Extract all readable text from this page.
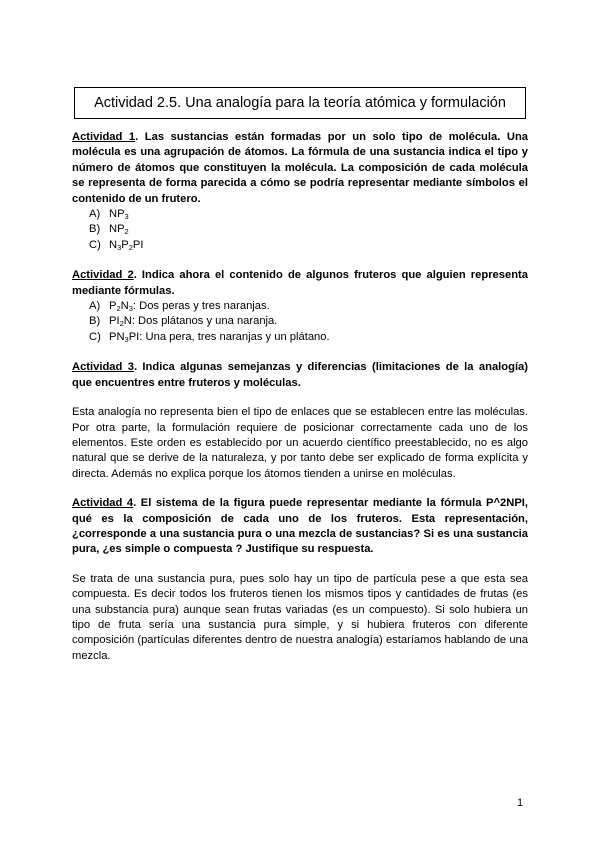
Actividad 2.5. Una analogía para la teoría atómica y formulación

Actividad 1. Las sustancias están formadas por un solo tipo de molécula. Una molécula es una agrupación de átomos. La fórmula de una sustancia indica el tipo y número de átomos que constituyen la molécula. La composición de cada molécula se representa de forma parecida a cómo se podría representar mediante símbolos el contenido de un frutero.

A) $NP_3$
B) $NP_2$
C) $N_3P_2PI$

Actividad 2. Indica ahora el contenido de algunos fruteros que alguien representa mediante fórmulas.

A) $P_2N_3$: Dos peras y tres naranjas.
B) $PI_2N$: Dos plátanos y una naranja.
C) $PN_3PI$: Una pera, tres naranjas y un plátano.

Actividad 3. Indica algunas semejanzas y diferencias (limitaciones de la analogía) que encuentres entre fruteros y moléculas.

Esta analogía no representa bien el tipo de enlaces que se establecen entre las moléculas. Por otra parte, la formulación requiere de posicionar correctamente cada uno de los elementos. Este orden es establecido por un acuerdo científico preestablecido, no es algo natural que se derive de la naturaleza, y por tanto debe ser explicado de forma explícita y directa. Además no explica porque los átomos tienden a unirse en moléculas.

Actividad 4. El sistema de la figura puede representar mediante la fórmula P^2NPI, qué es la composición de cada uno de los fruteros. Esta representación, ¿corresponde a una sustancia pura o una mezcla de sustancias? Si es una sustancia pura, ¿es simple o compuesta ? Justifique su respuesta.

Se trata de una sustancia pura, pues solo hay un tipo de partícula pese a que esta sea compuesta. Es decir todos los fruteros tienen los mismos tipos y cantidades de frutas (es una substancia pura) aunque sean frutas variadas (es un compuesto). Si solo hubiera un tipo de fruta sería una sustancia pura simple, y si hubiera fruteros con diferente composición (partículas diferentes dentro de nuestra analogía) estaríamos hablando de una mezcla.

1
